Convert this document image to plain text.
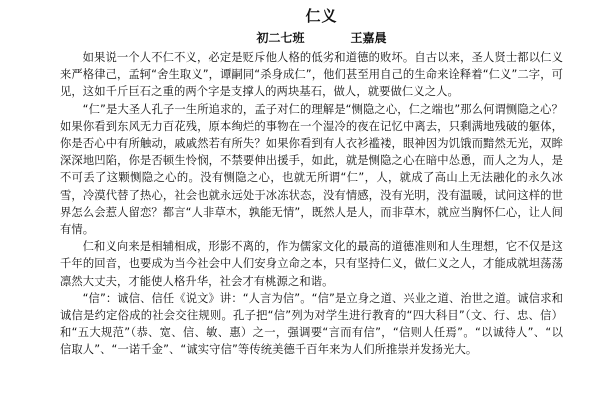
仁义
初二七班	王嘉晨

如果说一个人不仁不义，必定是贬斥他人格的低劣和道德的败坏。自古以来，圣人贤士都以仁义来严格律己，孟轲“舍生取义”，谭嗣同“杀身成仁”，他们甚至用自己的生命来诠释着“仁义”二字，可见，这如千斤巨石之重的两个字是支撑人的两块基石，做人，就要做仁义之人。

“仁”是大圣人孔子一生所追求的，孟子对仁的理解是“恻隐之心，仁之端也”那么何谓恻隐之心？如果你看到东风无力百花残，原本绚烂的事物在一个湿冷的夜在记忆中离去，只剩满地残破的躯体，你是否心中有所触动，戚戚然若有所失？如果你看到有人衣衫褴褛，眼神因为饥饿而黯然无光，双眸深深地凹陷，你是否顿生怜悯，不禁要伸出援手，如此，就是恻隐之心在暗中怂恿，而人之为人，是不可丢了这颗恻隐之心的。没有恻隐之心，也就无所谓“仁”，人，就成了高山上无法融化的永久冰雪，冷漠代替了热心，社会也就永远处于冰冻状态，没有情感，没有光明，没有温暖，试问这样的世界怎么会惹人留恋？都言“人非草木，孰能无情”，既然人是人，而非草木，就应当胸怀仁心，让人间有情。

仁和义向来是相辅相成，形影不离的，作为儒家文化的最高的道德准则和人生理想，它不仅是这千年的回音，也要成为当今社会中人们安身立命之本，只有坚持仁义，做仁义之人，才能成就坦荡荡凛然大丈夫，才能使人格升华，社会才有桃源之和谐。

“信”：诚信、信任《说文》讲：“人言为信”。“信”是立身之道、兴业之道、治世之道。诚信求和诚信是约定俗成的社会交往规则。孔子把“信”列为对学生进行教育的“四大科目”（文、行、忠、信）和“五大规范”（恭、宽、信、敏、惠）之一，强调要“言而有信”，“信则人任焉”。“以诚待人”、“以信取人”、“一诺千金”、“诚实守信”等传统美德千百年来为人们所推崇并发扬光大。
